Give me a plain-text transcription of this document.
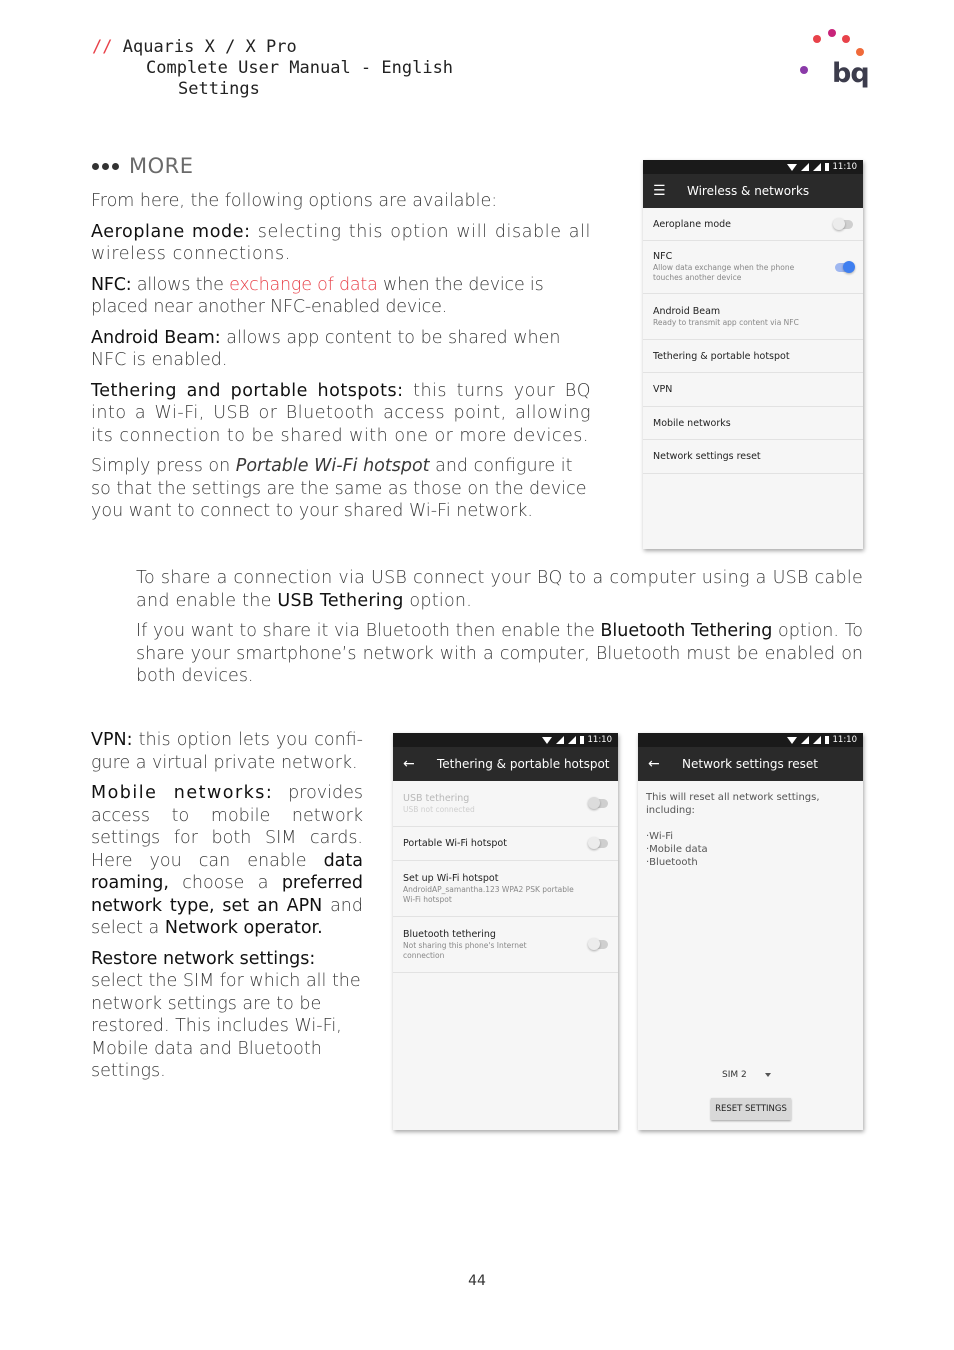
// Aquaris X / X Pro
Complete User Manual - English
Settings	bq
MORE

From here, the following options are available:

Aeroplane mode: selecting this option will disable all wireless connections.

NFC: allows the exchange of data when the device is placed near another NFC-enabled device.

Android Beam: allows app content to be shared when NFC is enabled.

Tethering and portable hotspots: this turns your BQ into a Wi-Fi, USB or Bluetooth access point, allowing its connection to be shared with one or more devices.

Simply press on Portable Wi-Fi hotspot and configure it so that the settings are the same as those on the device you want to connect to your shared Wi-Fi network.

11:10
☰	Wireless & networks
Aeroplane mode
NFC
Allow data exchange when the phone touches another device
Android Beam
Ready to transmit app content via NFC
Tethering & portable hotspot
VPN
Mobile networks
Network settings reset

To share a connection via USB connect your BQ to a computer using a USB cable and enable the USB Tethering option.

If you want to share it via Bluetooth then enable the Bluetooth Tethering option. To share your smartphone’s network with a computer, Bluetooth must be enabled on both devices.

VPN: this option lets you confi-gure a virtual private network.

Mobile networks: provides access to mobile network settings for both SIM cards. Here you can enable data roaming, choose a preferred network type, set an APN and select a Network operator.

Restore network settings: select the SIM for which all the network settings are to be restored. This includes Wi-Fi, Mobile data and Bluetooth settings.

11:10
←	Tethering & portable hotspot
USB tethering
USB not connected
Portable Wi-Fi hotspot
Set up Wi-Fi hotspot
AndroidAP_samantha.123 WPA2 PSK portable Wi-Fi hotspot
Bluetooth tethering
Not sharing this phone's Internet connection
11:10
←	Network settings reset
This will reset all network settings, including:
·Wi-Fi
·Mobile data
·Bluetooth
SIM 2
RESET SETTINGS
44
